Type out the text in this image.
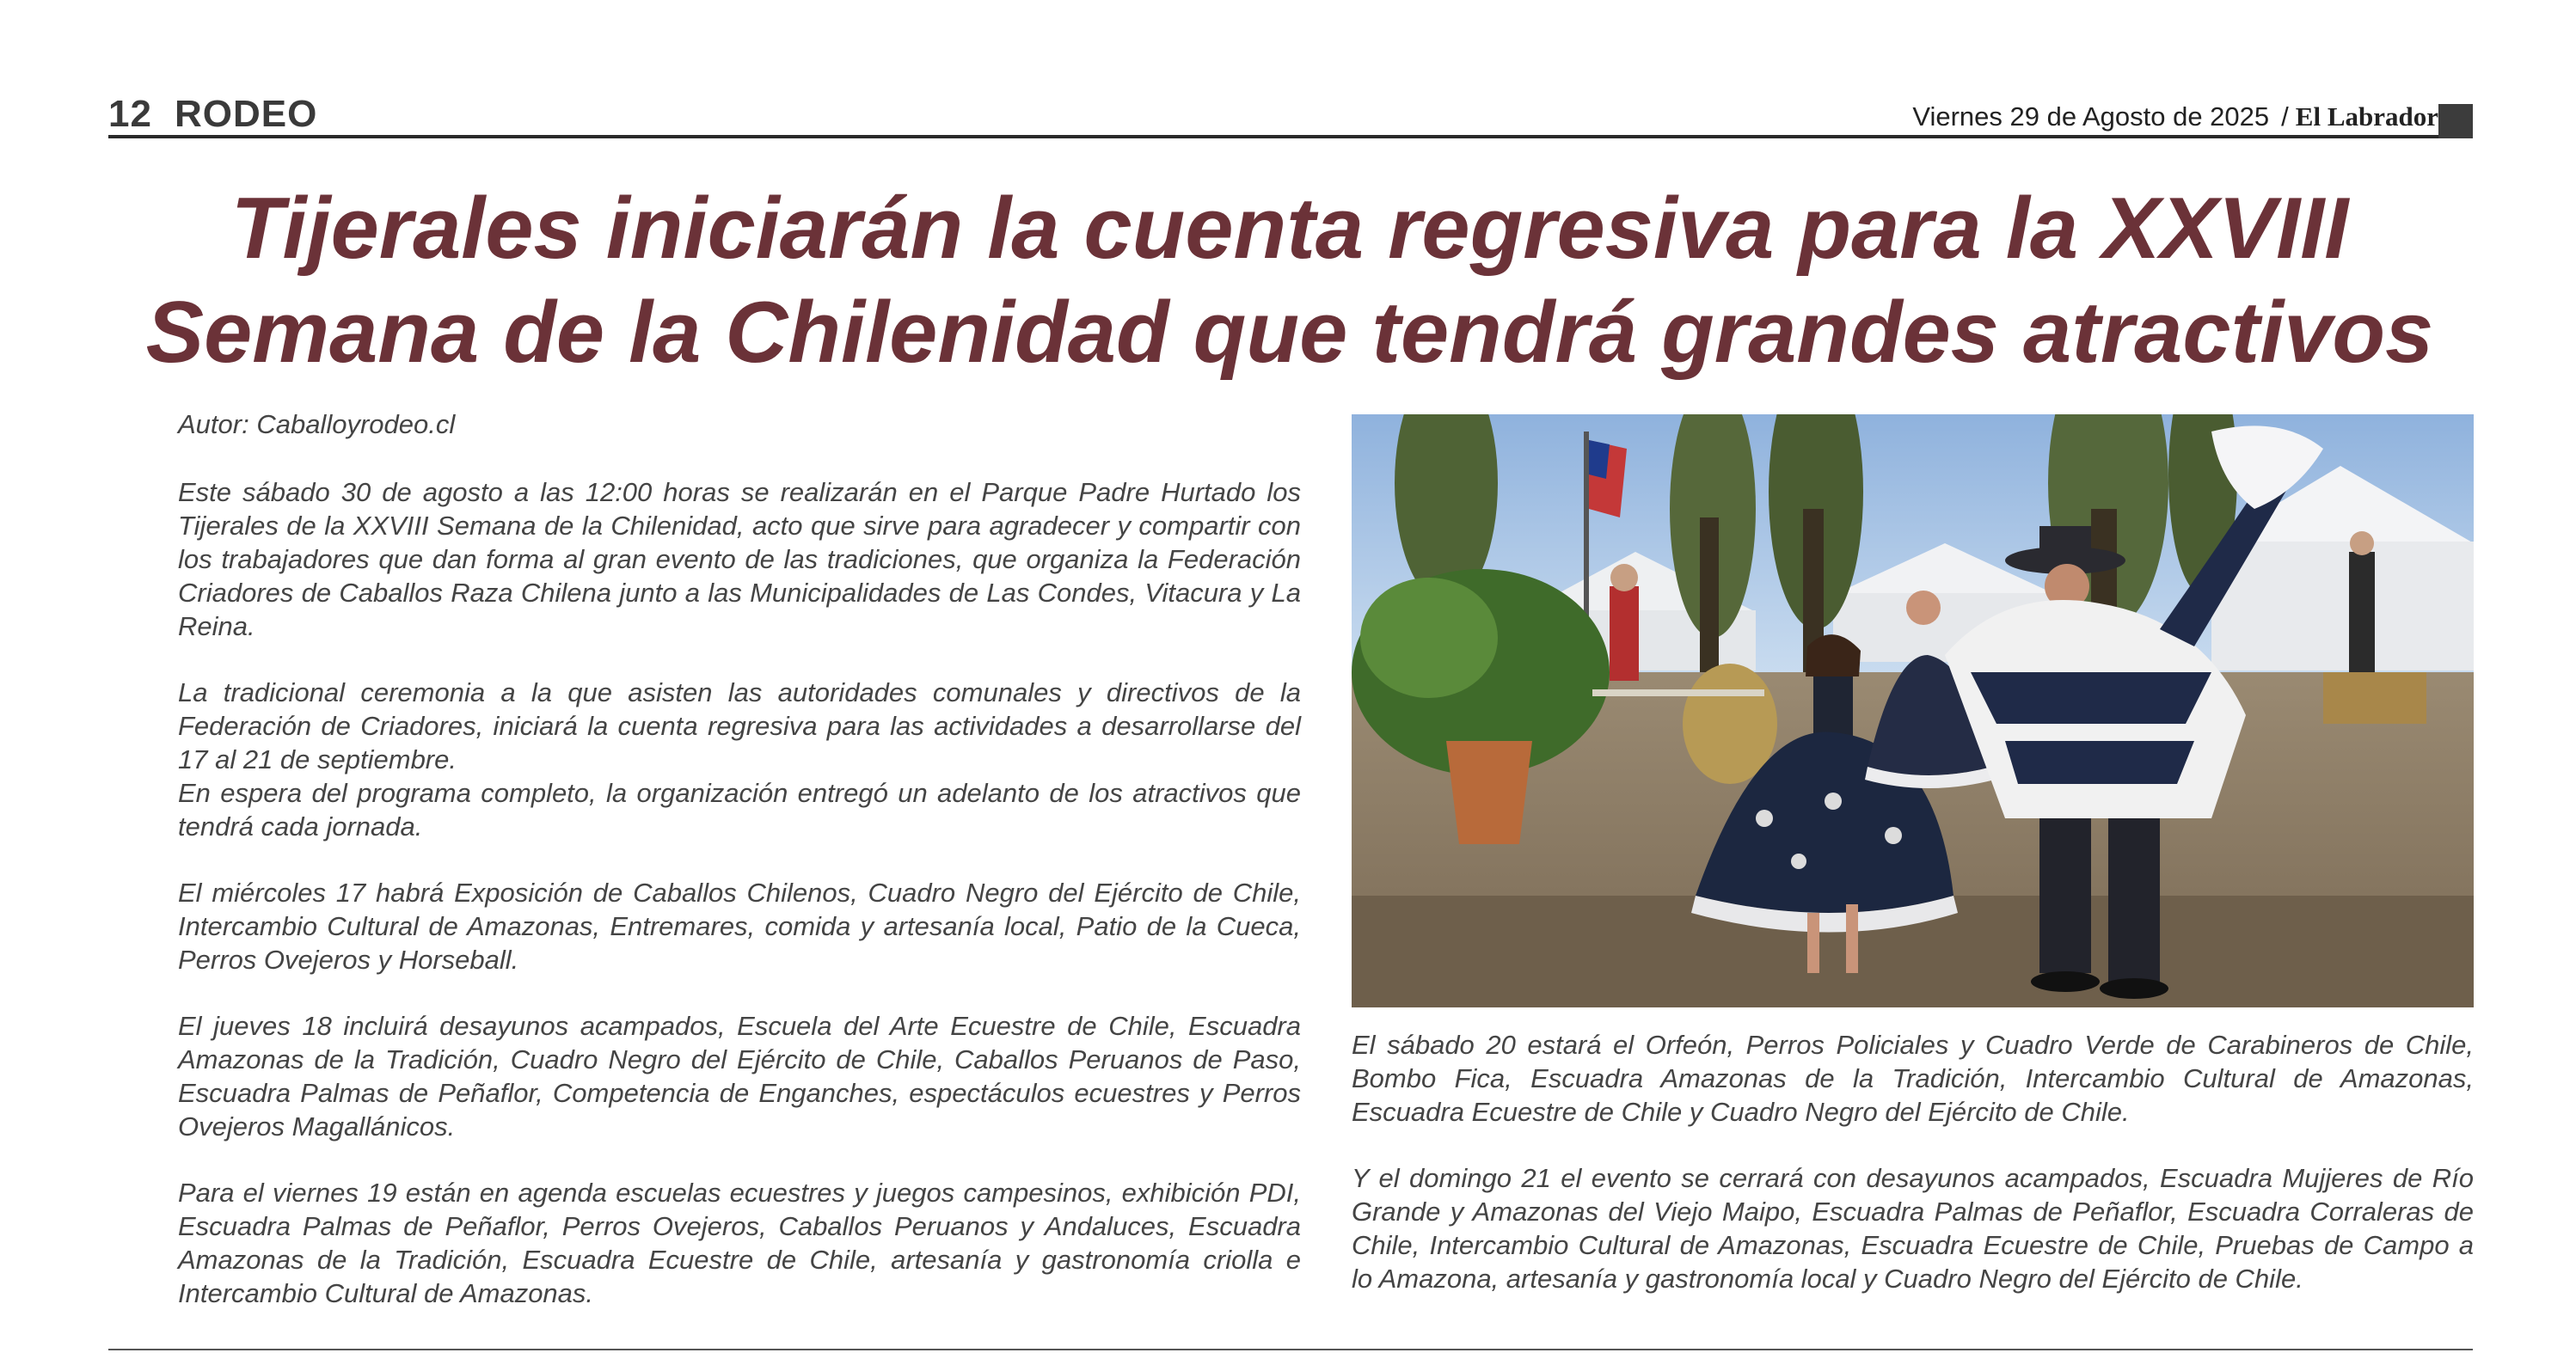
12 RODEO	Viernes 29 de Agosto de 2025 / El Labrador
Tijerales iniciarán la cuenta regresiva para la XXVIII
Semana de la Chilenidad que tendrá grandes atractivos

Autor: Caballoyrodeo.cl

Este sábado 30 de agosto a las 12:00 horas se realizarán en el Parque Padre Hurtado los Tijerales de la XXVIII Semana de la Chilenidad, acto que sirve para agradecer y compartir con los trabajadores que dan forma al gran evento de las tradiciones, que organiza la Federación Criadores de Caballos Raza Chilena junto a las Municipalidades de Las Condes, Vitacura y La Reina.

La tradicional ceremonia a la que asisten las autoridades comunales y directivos de la Federación de Criadores, iniciará la cuenta regresiva para las actividades a desarrollarse del 17 al 21 de septiembre.

En espera del programa completo, la organización entregó un adelanto de los atractivos que tendrá cada jornada.

El miércoles 17 habrá Exposición de Caballos Chilenos, Cuadro Negro del Ejército de Chile, Intercambio Cultural de Amazonas, Entremares, comida y artesanía local, Patio de la Cueca, Perros Ovejeros y Horseball.

El jueves 18 incluirá desayunos acampados, Escuela del Arte Ecuestre de Chile, Escuadra Amazonas de la Tradición, Cuadro Negro del Ejército de Chile, Caballos Peruanos de Paso, Escuadra Palmas de Peñaflor, Competencia de Enganches, espectáculos ecuestres y Perros Ovejeros Magallánicos.

Para el viernes 19 están en agenda escuelas ecuestres y juegos campesinos, exhibición PDI, Escuadra Palmas de Peñaflor, Perros Ovejeros, Caballos Peruanos y Andaluces, Escuadra Amazonas de la Tradición, Escuadra Ecuestre de Chile, artesanía y gastronomía criolla e Intercambio Cultural de Amazonas.

El sábado 20 estará el Orfeón, Perros Policiales y Cuadro Verde de Carabineros de Chile, Bombo Fica, Escuadra Amazonas de la Tradición, Intercambio Cultural de Amazonas, Escuadra Ecuestre de Chile y Cuadro Negro del Ejército de Chile.

Y el domingo 21 el evento se cerrará con desayunos acampados, Escuadra Mujjeres de Río Grande y Amazonas del Viejo Maipo, Escuadra Palmas de Peñaflor, Escuadra Corraleras de Chile, Intercambio Cultural de Amazonas, Escuadra Ecuestre de Chile, Pruebas de Campo a lo Amazona, artesanía y gastronomía local y Cuadro Negro del Ejército de Chile.
